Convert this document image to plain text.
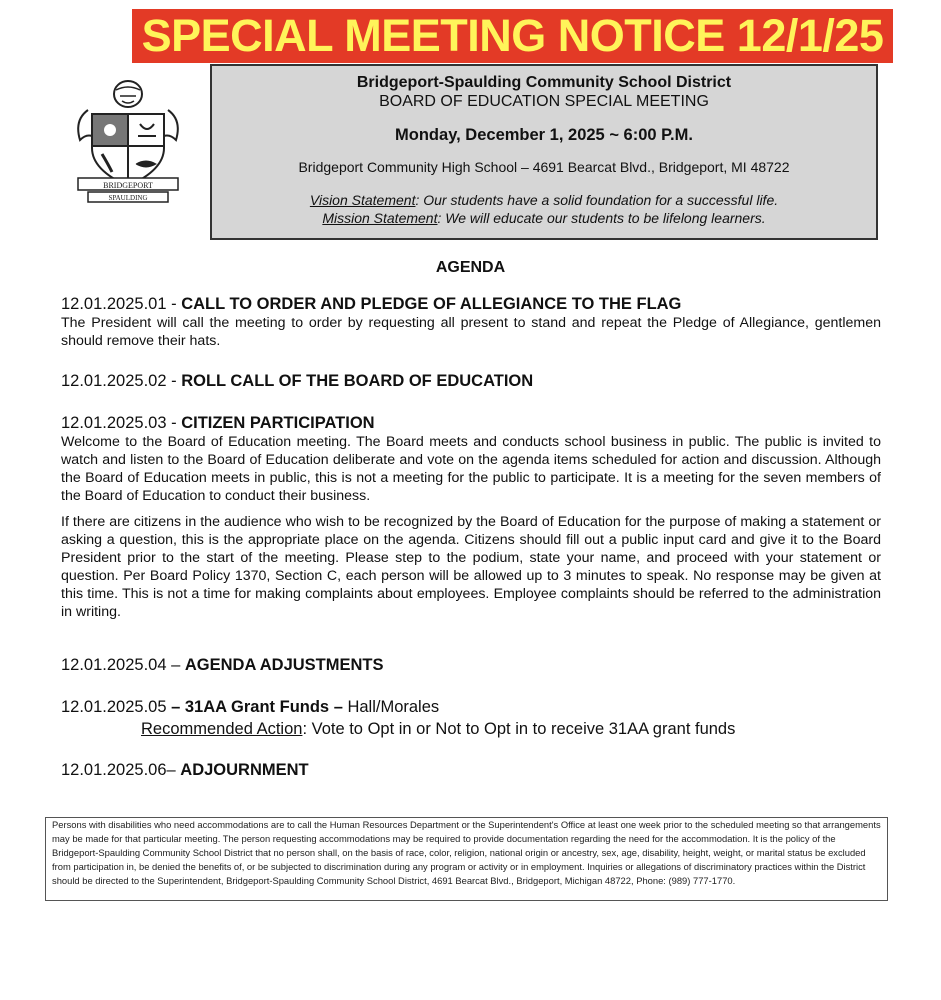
SPECIAL MEETING NOTICE 12/1/25
BRIDGEPORT
SPAULDING
Bridgeport-Spaulding Community School District
BOARD OF EDUCATION SPECIAL MEETING
Monday, December 1, 2025 ~ 6:00 P.M.
Bridgeport Community High School – 4691 Bearcat Blvd., Bridgeport, MI 48722
Vision Statement: Our students have a solid foundation for a successful life.
Mission Statement: We will educate our students to be lifelong learners.
AGENDA
12.01.2025.01 - CALL TO ORDER AND PLEDGE OF ALLEGIANCE TO THE FLAG
The President will call the meeting to order by requesting all present to stand and repeat the Pledge of Allegiance, gentlemen should remove their hats.
12.01.2025.02 - ROLL CALL OF THE BOARD OF EDUCATION
12.01.2025.03 - CITIZEN PARTICIPATION
Welcome to the Board of Education meeting. The Board meets and conducts school business in public. The public is invited to watch and listen to the Board of Education deliberate and vote on the agenda items scheduled for action and discussion. Although the Board of Education meets in public, this is not a meeting for the public to participate. It is a meeting for the seven members of the Board of Education to conduct their business.
If there are citizens in the audience who wish to be recognized by the Board of Education for the purpose of making a statement or asking a question, this is the appropriate place on the agenda. Citizens should fill out a public input card and give it to the Board President prior to the start of the meeting. Please step to the podium, state your name, and proceed with your statement or question. Per Board Policy 1370, Section C, each person will be allowed up to 3 minutes to speak. No response may be given at this time. This is not a time for making complaints about employees. Employee complaints should be referred to the administration in writing.
12.01.2025.04 – AGENDA ADJUSTMENTS
12.01.2025.05 – 31AA Grant Funds – Hall/Morales
Recommended Action: Vote to Opt in or Not to Opt in to receive 31AA grant funds
12.01.2025.06– ADJOURNMENT
Persons with disabilities who need accommodations are to call the Human Resources Department or the Superintendent's Office at least one week prior to the scheduled meeting so that arrangements may be made for that particular meeting. The person requesting accommodations may be required to provide documentation regarding the need for the accommodation. It is the policy of the Bridgeport-Spaulding Community School District that no person shall, on the basis of race, color, religion, national origin or ancestry, sex, age, disability, height, weight, or marital status be excluded from participation in, be denied the benefits of, or be subjected to discrimination during any program or activity or in employment. Inquiries or allegations of discriminatory practices within the District should be directed to the Superintendent, Bridgeport-Spaulding Community School District, 4691 Bearcat Blvd., Bridgeport, Michigan 48722, Phone: (989) 777-1770.
